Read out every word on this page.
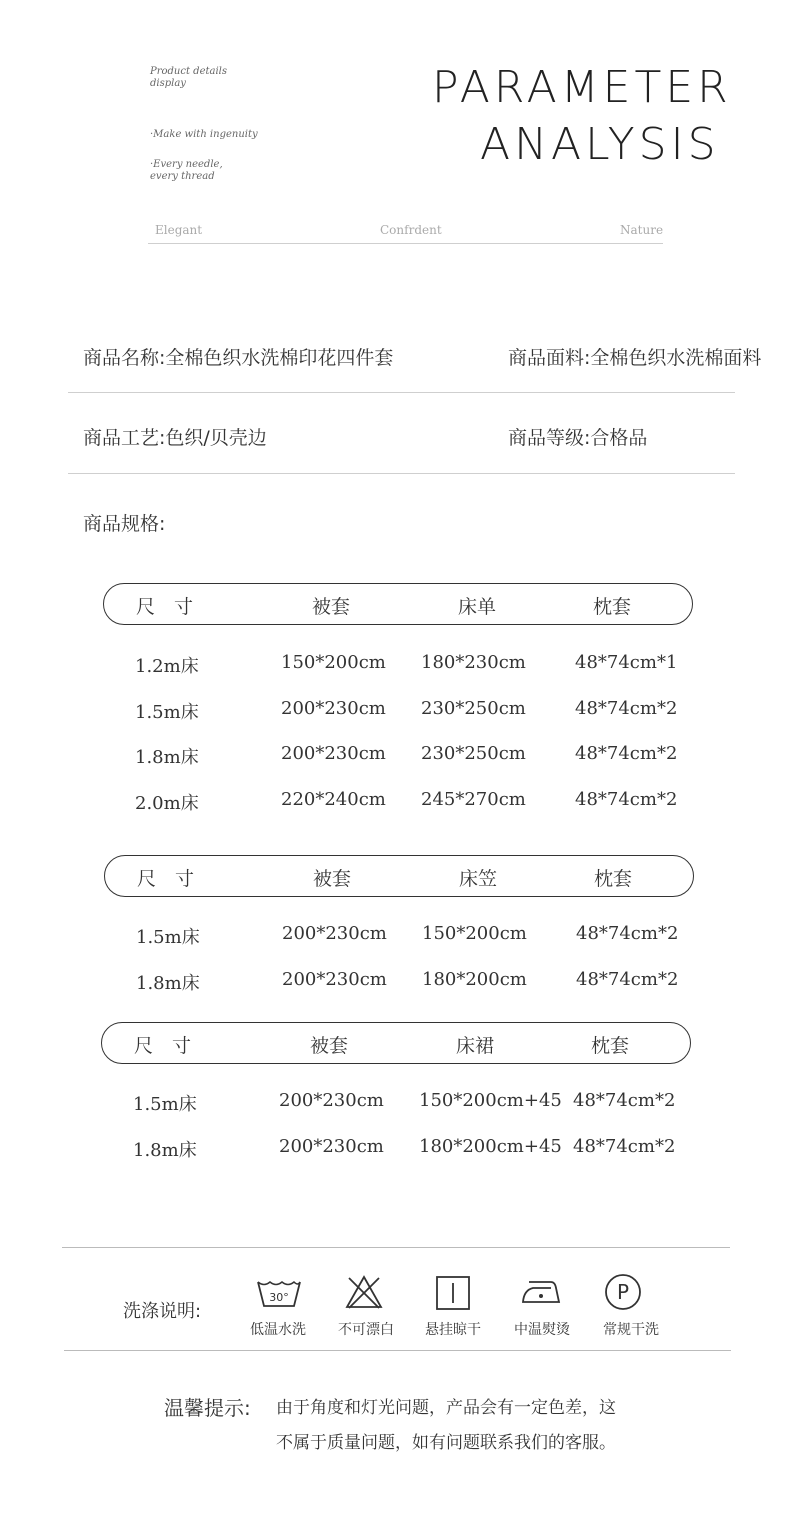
Product details
display
·Make with ingenuity
·Every needle,
every thread
PARAMETER
ANALYSIS
Elegant	Confrdent	Nature
商品名称:全棉色织水洗棉印花四件套	商品面料:全棉色织水洗棉面料
商品工艺:色织/贝壳边	商品等级:合格品
商品规格:
尺　寸	被套	床单	枕套
1.2m床	150*200cm 180*230cm	48*74cm*1
1.5m床	200*230cm 230*250cm	48*74cm*2
1.8m床	200*230cm 230*250cm	48*74cm*2
2.0m床	220*240cm 245*270cm	48*74cm*2
尺　寸	被套	床笠	枕套
1.5m床	200*230cm 150*200cm	48*74cm*2
1.8m床	200*230cm 180*200cm	48*74cm*2
尺　寸	被套	床裙	枕套
1.5m床	200*230cm 150*200cm+45 48*74cm*2
1.8m床	200*230cm 180*200cm+45 48*74cm*2
洗涤说明:
30°
低温水洗	不可漂白	悬挂晾干	中温熨烫
P
常规干洗
温馨提示: 由于角度和灯光问题，产品会有一定色差，这
不属于质量问题，如有问题联系我们的客服。
